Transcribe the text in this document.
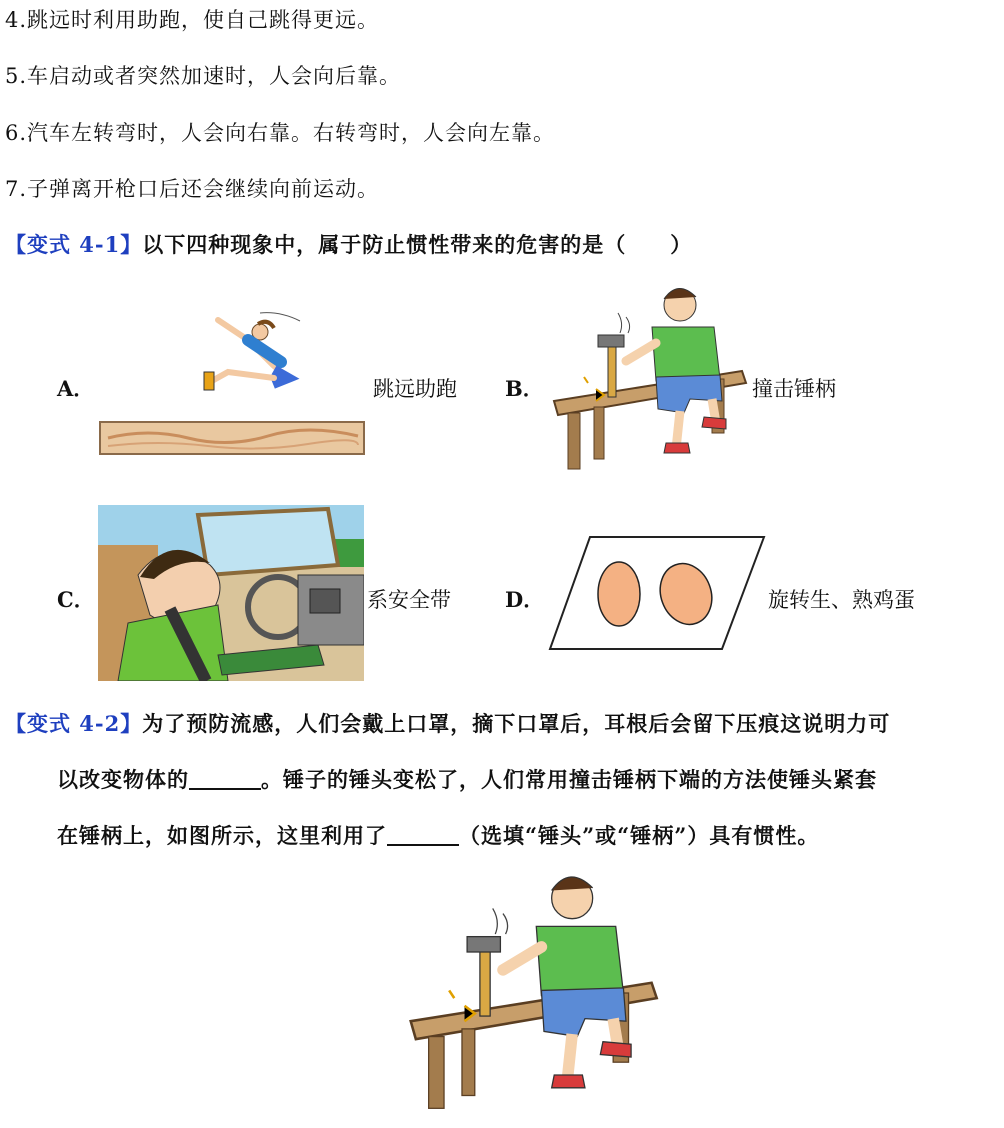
4.跳远时利用助跑，使自己跳得更远。
5.车启动或者突然加速时，人会向后靠。
6.汽车左转弯时，人会向右靠。右转弯时，人会向左靠。
7.子弹离开枪口后还会继续向前运动。
【变式 4-1】以下四种现象中，属于防止惯性带来的危害的是（　　）
A．	跳远助跑 B．	撞击锤柄
C．	系安全带	D．	旋转生、熟鸡蛋
【变式 4-2】为了预防流感，人们会戴上口罩，摘下口罩后，耳根后会留下压痕这说明力可
以改变物体的	。锤子的锤头变松了，人们常用撞击锤柄下端的方法使锤头紧套
在锤柄上，如图所示，这里利用了	（选填“锤头”或“锤柄”）具有惯性。
